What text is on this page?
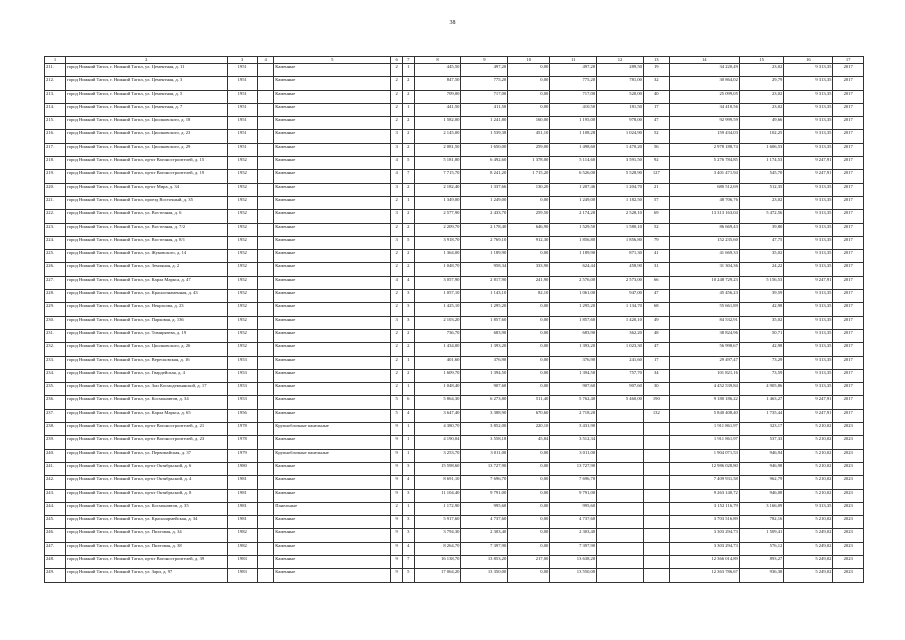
38
1	2	3	4	5	6	7	8	9	10	11	12	13	14	15	16	17
211.	город Нижний Тагил, г. Нижний Тагил, ул. Цементная, д. 11	1951		Каменные	2	1	445,50	497,20	0,00	497,20	289,50	19	34 220,49	23,02	9 313,35	2017
212.	город Нижний Тагил, г. Нижний Тагил, ул. Цементная, д. 3	1951		Каменные	2	2	847,50	775,20	0,00	775,20	781,00	32	30 864,02	29,79	9 313,35	2017
213.	город Нижний Тагил, г. Нижний Тагил, ул. Цементная, д. 5	1951		Каменные	2	2	709,00	717,00	0,00	717,00	520,00	40	25 099,05	23,02	9 313,35	2017
214.	город Нижний Тагил, г. Нижний Тагил, ул. Цементная, д. 7	1951		Каменные	2	1	441,50	411,50	0,00	410,50	181,50	17	34 410,56	23,02	9 313,35	2017
215.	город Нижний Тагил, г. Нижний Тагил, ул. Циолковского, д. 18	1951		Каменные	2	2	1 582,00	1 241,80	160,00	1 195,00	978,00	47	92 999,59	49,66	9 313,35	2017
216.	город Нижний Тагил, г. Нижний Тагил, ул. Циолковского, д. 23	1951		Каменные	3	2	2 145,00	1 539,38	451,10	1 108,28	1 024,90	52	159 434,03	102,25	9 313,35	2017
217.	город Нижний Тагил, г. Нижний Тагил, ул. Циолковского, д. 29	1951		Каменные	3	2	2 081,50	1 650,00	259,00	1 498,60	1 470,20	56	2 978 188,74	1 606,53	9 313,35	2017
218.	город Нижний Тагил, г. Нижний Тагил, пр-кт Вагоностроителей, д. 15	1952		Каменные	4	5	5 181,80	6 492,60	1 378,00	5 114,60	3 591,50	92	5 276 784,85	1 174,53	9 247,91	2017
219.	город Нижний Тагил, г. Нижний Тагил, пр-кт Вагоностроителей, д. 19	1952		Каменные	4	7	7 715,70	8 241,20	1 715,20	6 526,00	5 528,90	127	3 401 471,94	545,70	9 247,91	2017
220.	город Нижний Тагил, г. Нижний Тагил, пр-кт Мира, д. 34	1952		Каменные	3	2	2 182,40	1 337,66	130,20	1 207,46	1 204,70	21	680 512,69	512,35	9 313,35	2017
221.	город Нижний Тагил, г. Нижний Тагил, проезд Восточный, д. 35	1952		Каменные	2	1	1 349,00	1 249,00	0,00	1 249,00	1 182,50	57	48 706,76	23,02	9 313,35	2017
222.	город Нижний Тагил, г. Нижний Тагил, ул. Восточная, д. 6	1952		Каменные	3	2	2 577,90	2 433,70	259,50	2 174,20	2 528,10	69	13 313 163,04	5 472,56	9 313,35	2017
223.	город Нижний Тагил, г. Нижний Тагил, ул. Восточная, д. 7/2	1952		Каменные	2	2	2 209,70	2 178,40	646,90	1 529,50	1 580,10	52	86 669,43	39,80	9 313,35	2017
224.	город Нижний Тагил, г. Нижний Тагил, ул. Восточная, д. 8/1	1952		Каменные	3	5	3 918,70	2 769,10	912,30	1 856,80	1 856,80	79	152 235,60	47,75	9 313,35	2017
225.	город Нижний Тагил, г. Нижний Тагил, ул. Жуковского, д. 14	1952		Каменные	2	2	1 364,00	1 189,90	0,00	1 189,90	871,30	41	41 669,33	35,02	9 313,35	2017
226.	город Нижний Тагил, г. Нижний Тагил, ул. Земляная, д. 2	1952		Каменные	2	2	1 048,70	958,34	333,90	624,44	458,90	31	31 304,36	24,22	9 313,35	2017
227.	город Нижний Тагил, г. Нижний Тагил, ул. Карла Маркса, д. 47	1952		Каменные	4	4	3 057,90	2 817,90	241,90	2 576,00	2 573,00	66	10 248 729,23	5 156,53	9 247,91	2017
228.	город Нижний Тагил, г. Нижний Тагил, ул. Краснознаменная, д. 43	1952		Каменные	2	3	1 057,10	1 143,10	82,10	1 061,00	947,00	47	45 456,23	39,59	9 313,35	2017
229.	город Нижний Тагил, г. Нижний Тагил, ул. Некрасова, д. 23	1952		Каменные	2	3	1 425,10	1 295,20	0,00	1 295,20	1 134,70	68	55 661,89	42,98	9 313,35	2017
230.	город Нижний Тагил, г. Нижний Тагил, ул. Парковая, д. 136	1952		Каменные	3	3	2 103,20	1 857,60	0,00	1 857,60	1 420,10	49	84 532,91	35,02	9 313,35	2017
231.	город Нижний Тагил, г. Нижний Тагил, ул. Тимирязева, д. 19	1952		Каменные	2	2	736,70	683,90	0,00	683,90	362,20	48	38 824,96	50,71	9 313,35	2017
232.	город Нижний Тагил, г. Нижний Тагил, ул. Циолковского, д. 26	1952		Каменные	2	2	1 434,00	1 393,20	0,00	1 393,20	1 023,30	47	56 998,67	42,98	9 313,35	2017
233.	город Нижний Тагил, г. Нижний Тагил, ул. Вересковская, д. 16	1953		Каменные	2	1	401,60	376,90	0,00	376,90	241,60	17	29 497,47	73,29	9 313,35	2017
234.	город Нижний Тагил, г. Нижний Тагил, ул. Гвардейская, д. 4	1953		Каменные	2	2	1 609,70	1 394,50	0,00	1 394,50	757,70	34	101 821,16	73,59	9 313,35	2017
235.	город Нижний Тагил, г. Нижний Тагил, ул. Зои Космодемьянской, д. 17	1953		Каменные	2	1	1 048,40	907,60	0,00	907,60	907,60	30	4 452 539,84	4 905,86	9 313,35	2017
236.	город Нижний Тагил, г. Нижний Тагил, ул. Космонавтов, д. 34	1953		Каменные	5	6	5 864,30	6 273,80	511,40	5 762,40	5 460,00	190	9 180 186,22	1 463,27	9 247,91	2017
237.	город Нижний Тагил, г. Нижний Тагил, ул. Карла Маркса, д. 65	1956		Каменные	5	4	3 647,40	3 388,90	670,60	2 718,20		132	5 840 408,40	1 735,44	9 247,91	2017
238.	город Нижний Тагил, г. Нижний Тагил, пр-кт Вагоностроителей, д. 21	1978		Крупноблочные панельные	9	1	4 380,70	3 852,00	220,10	3 431,90			1 911 861,97	323,17	5 210,02	2023
239.	город Нижний Тагил, г. Нижний Тагил, пр-кт Вагоностроителей, д. 23	1978		Каменные	9	1	4 190,04	3 558,18	45,84	3 512,34			1 911 861,97	537,33	5 210,02	2023
240.	город Нижний Тагил, г. Нижний Тагил, ул. Первомайская, д. 37	1979		Крупноблочные панельные	9	1	3 253,70	3 011,00	0,00	3 011,00			1 904 071,53	946,94	5 210,02	2023
241.	город Нижний Тагил, г. Нижний Тагил, пр-кт Октябрьский, д. 6	1980		Каменные	9	3	15 598,60	13 727,90	0,00	13 727,90			12 986 028,80	946,98	5 210,02	2023
242.	город Нижний Тагил, г. Нижний Тагил, пр-кт Октябрьский, д. 4	1981		Каменные	9	4	8 691,10	7 696,70	0,00	7 696,70			7 409 931,58	962,79	5 210,02	2023
243.	город Нижний Тагил, г. Нижний Тагил, пр-кт Октябрьский, д. 8	1981		Каменные	9	3	11 104,40	9 791,00	0,00	9 791,00			9 263 140,72	946,08	5 210,02	2023
244.	город Нижний Тагил, г. Нижний Тагил, ул. Космонавтов, д. 35	1981		Панельные	2	1	1 172,90	995,60	0,00	995,60			3 152 116,79	3 166,09	9 313,35	2023
245.	город Нижний Тагил, г. Нижний Тагил, ул. Красноармейская, д. 34	1981		Каменные	9	3	5 917,60	4 737,60	0,00	4 737,60			3 703 516,89	782,16	5 210,02	2023
246.	город Нижний Тагил, г. Нижний Тагил, ул. Пихтовая, д. 34	1982		Каменные	9	3	3 794,30	2 303,40	0,00	2 303,40			3 303 294,73	1 509,41	5 249,02	2023
247.	город Нижний Тагил, г. Нижний Тагил, ул. Пихтовая, д. 38	1982		Каменные	9	4	8 264,70	7 397,90	0,00	7 397,90			3 303 294,73	576,12	5 249,02	2023
248.	город Нижний Тагил, г. Нижний Тагил, пр-кт Вагоностроителей, д. 39	1983		Каменные	9	7	16 138,70	13 853,20	217,00	13 638,20			12 366 014,89	893,27	5 249,02	2023
249.	город Нижний Тагил, г. Нижний Тагил, ул. Зари, д. 97	1983		Каменные	9	5	17 064,20	13 350,00	0,00	13 550,00			12 363 786,67	936,38	5 249,02	2023
